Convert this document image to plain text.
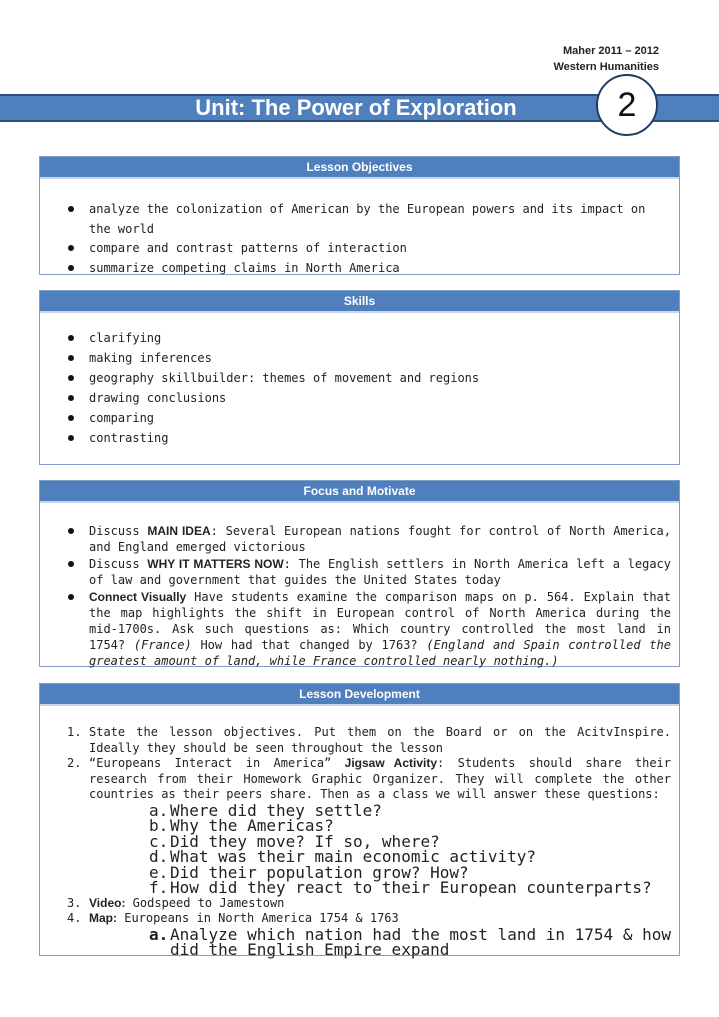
Maher 2011 – 2012
Western Humanities
Unit: The Power of Exploration	2
Lesson Objectives
analyze the colonization of American by the European powers and its impact on the world
compare and contrast patterns of interaction
summarize competing claims in North America
Skills
clarifying
making inferences
geography skillbuilder: themes of movement and regions
drawing conclusions
comparing
contrasting
Focus and Motivate
Discuss MAIN IDEA: Several European nations fought for control of North America, and England emerged victorious
Discuss WHY IT MATTERS NOW: The English settlers in North America left a legacy of law and government that guides the United States today
Connect Visually Have students examine the comparison maps on p. 564. Explain that the map highlights the shift in European control of North America during the mid-1700s. Ask such questions as: Which country controlled the most land in 1754? (France) How had that changed by 1763? (England and Spain controlled the greatest amount of land, while France controlled nearly nothing.)
Lesson Development
1. State the lesson objectives. Put them on the Board or on the AcitvInspire. Ideally they should be seen throughout the lesson
2. “Europeans Interact in America” Jigsaw Activity: Students should share their research from their Homework Graphic Organizer. They will complete the other countries as their peers share. Then as a class we will answer these questions:
a. Where did they settle?
b. Why the Americas?
c. Did they move? If so, where?
d. What was their main economic activity?
e. Did their population grow? How?
f. How did they react to their European counterparts?
3. Video: Godspeed to Jamestown
4. Map: Europeans in North America 1754 & 1763
a. Analyze which nation had the most land in 1754 & how did the English Empire expand
